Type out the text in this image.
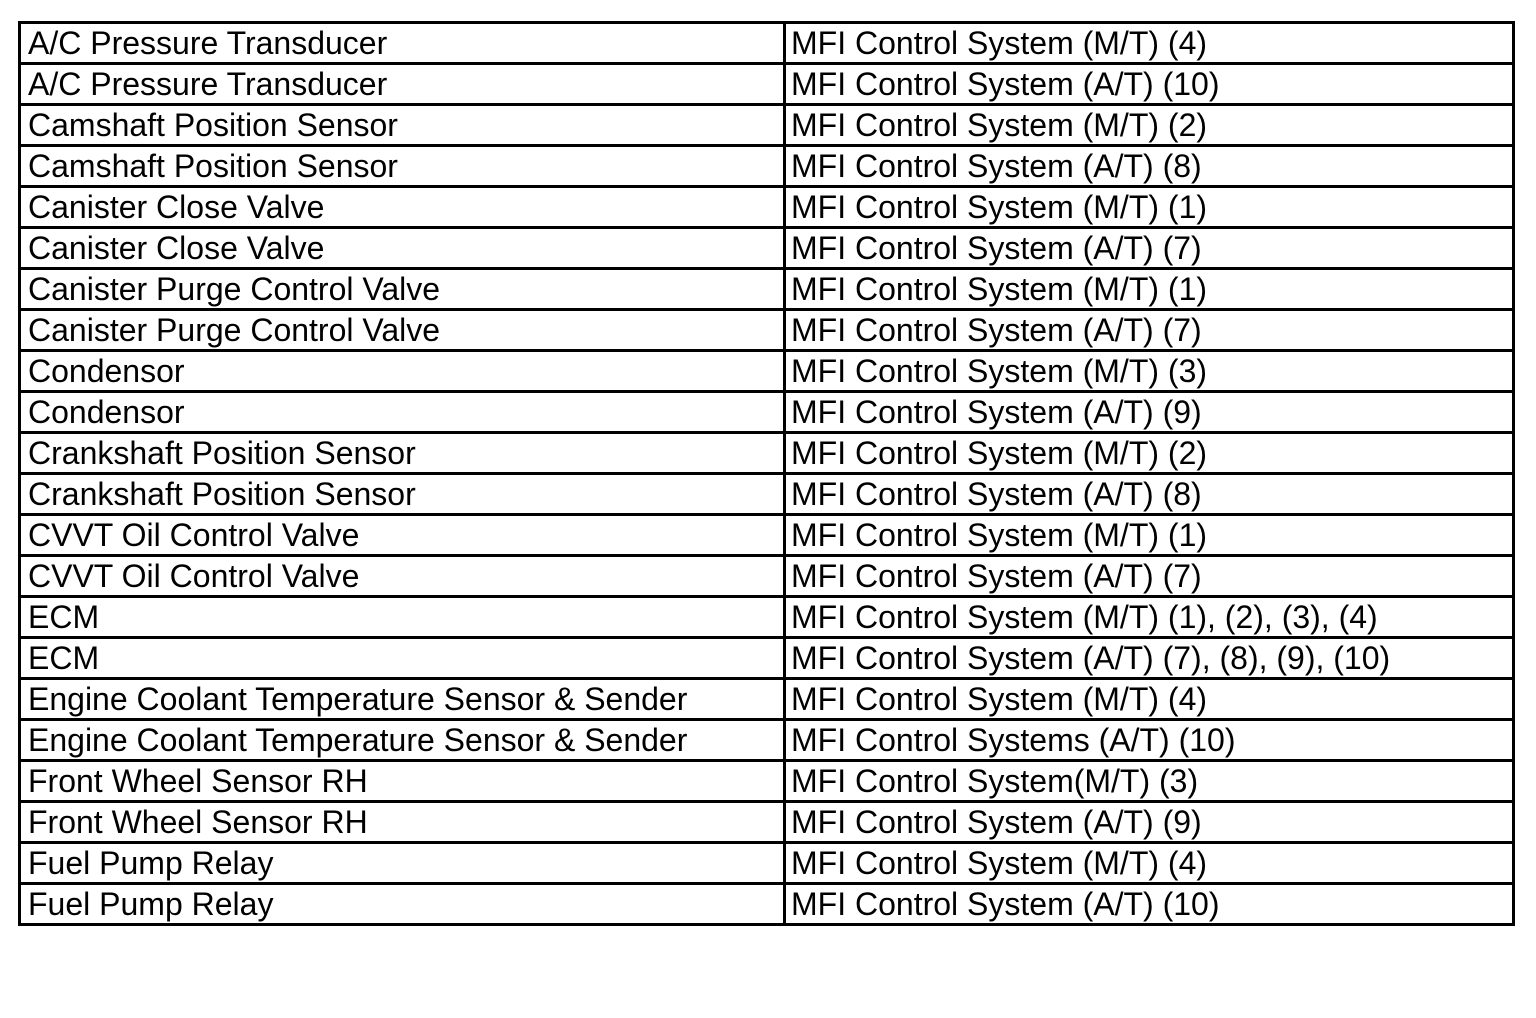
A/C Pressure Transducer	MFI Control System (M/T) (4)
A/C Pressure Transducer	MFI Control System (A/T) (10)
Camshaft Position Sensor	MFI Control System (M/T) (2)
Camshaft Position Sensor	MFI Control System (A/T) (8)
Canister Close Valve	MFI Control System (M/T) (1)
Canister Close Valve	MFI Control System (A/T) (7)
Canister Purge Control Valve	MFI Control System (M/T) (1)
Canister Purge Control Valve	MFI Control System (A/T) (7)
Condensor	MFI Control System (M/T) (3)
Condensor	MFI Control System (A/T) (9)
Crankshaft Position Sensor	MFI Control System (M/T) (2)
Crankshaft Position Sensor	MFI Control System (A/T) (8)
CVVT Oil Control Valve	MFI Control System (M/T) (1)
CVVT Oil Control Valve	MFI Control System (A/T) (7)
ECM	MFI Control System (M/T) (1), (2), (3), (4)
ECM	MFI Control System (A/T) (7), (8), (9), (10)
Engine Coolant Temperature Sensor & Sender	MFI Control System (M/T) (4)
Engine Coolant Temperature Sensor & Sender	MFI Control Systems (A/T) (10)
Front Wheel Sensor RH	MFI Control System(M/T) (3)
Front Wheel Sensor RH	MFI Control System (A/T) (9)
Fuel Pump Relay	MFI Control System (M/T) (4)
Fuel Pump Relay	MFI Control System (A/T) (10)
